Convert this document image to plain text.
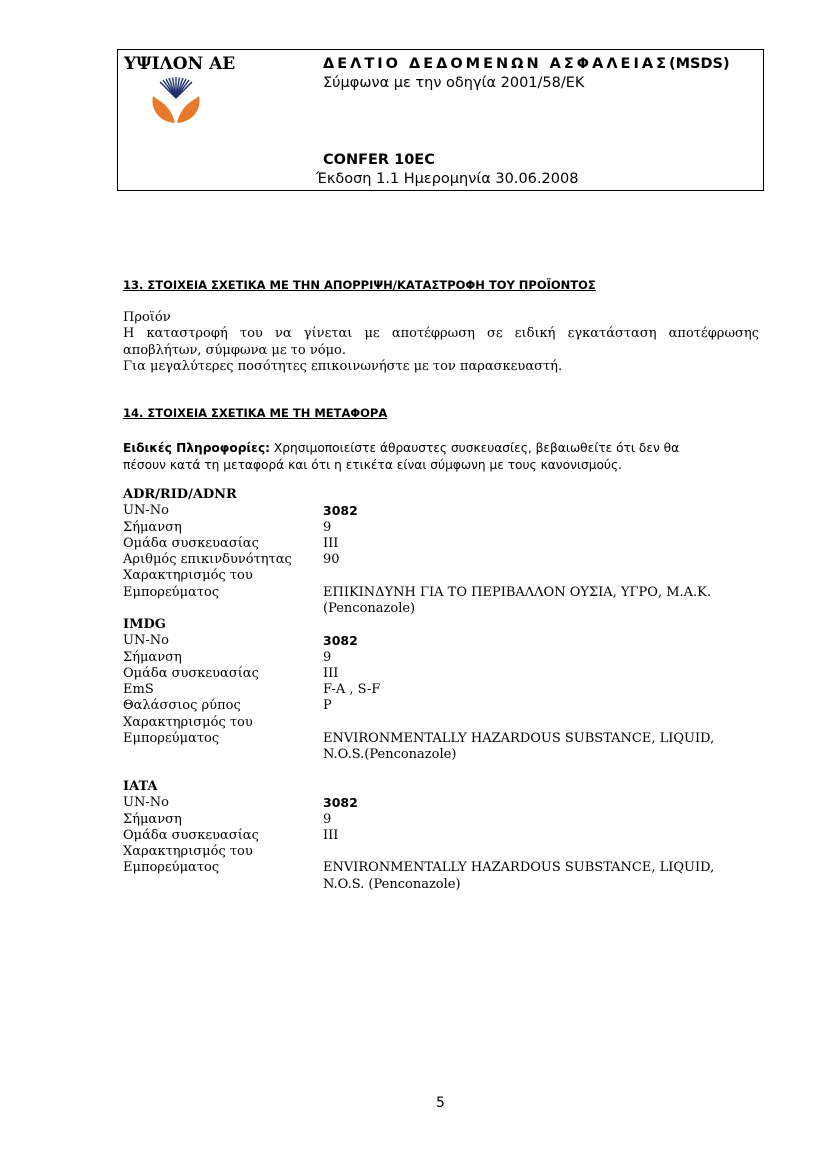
ΥΨΙΛΟΝ ΑΕ	ΔΕΛΤΙΟ ΔΕΔΟΜΕΝΩΝ ΑΣΦΑΛΕΙΑΣ(MSDS)
Σύμφωνα με την οδηγία 2001/58/ΕΚ
CONFER 10EC
Έκδοση 1.1 Ημερομηνία 30.06.2008
13. ΣΤΟΙΧΕΙΑ ΣΧΕΤΙΚΑ ΜΕ ΤΗΝ ΑΠΟΡΡΙΨΗ/ΚΑΤΑΣΤΡΟΦΗ ΤΟΥ ΠΡΟΪΟΝΤΟΣ
Προϊόν
Η καταστροφή του να γίνεται με αποτέφρωση σε ειδική εγκατάσταση αποτέφρωσης αποβλήτων, σύμφωνα με το νόμο.
Για μεγαλύτερες ποσότητες επικοινωνήστε με τον παρασκευαστή.
14. ΣΤΟΙΧΕΙΑ ΣΧΕΤΙΚΑ ΜΕ ΤΗ ΜΕΤΑΦΟΡΑ
Ειδικές Πληροφορίες: Χρησιμοποιείστε άθραυστες συσκευασίες, βεβαιωθείτε ότι δεν θα πέσουν κατά τη μεταφορά και ότι η ετικέτα είναι σύμφωνη με τους κανονισμούς.
ADR/RID/ADNR
UN-No	3082
Σήμανση	9
Ομάδα συσκευασίας	III
Αριθμός επικινδυνότητας 90
Χαρακτηρισμός του
Εμπορεύματος	ΕΠΙΚΙΝΔΥΝΗ ΓΙΑ ΤΟ ΠΕΡΙΒΑΛΛΟΝ ΟΥΣΙΑ, ΥΓΡΟ, Μ.Α.Κ.
(Penconazole)
IMDG
UN-No	3082
Σήμανση	9
Ομάδα συσκευασίας	III
EmS	F-A , S-F
Θαλάσσιος ρύπος	P
Χαρακτηρισμός του
Εμπορεύματος	ENVIRONMENTALLY HAZARDOUS SUBSTANCE, LIQUID,
N.O.S.(Penconazole)
IATA
UN-No	3082
Σήμανση	9
Ομάδα συσκευασίας	III
Χαρακτηρισμός του
Εμπορεύματος	ENVIRONMENTALLY HAZARDOUS SUBSTANCE, LIQUID,
N.O.S. (Penconazole)
5
